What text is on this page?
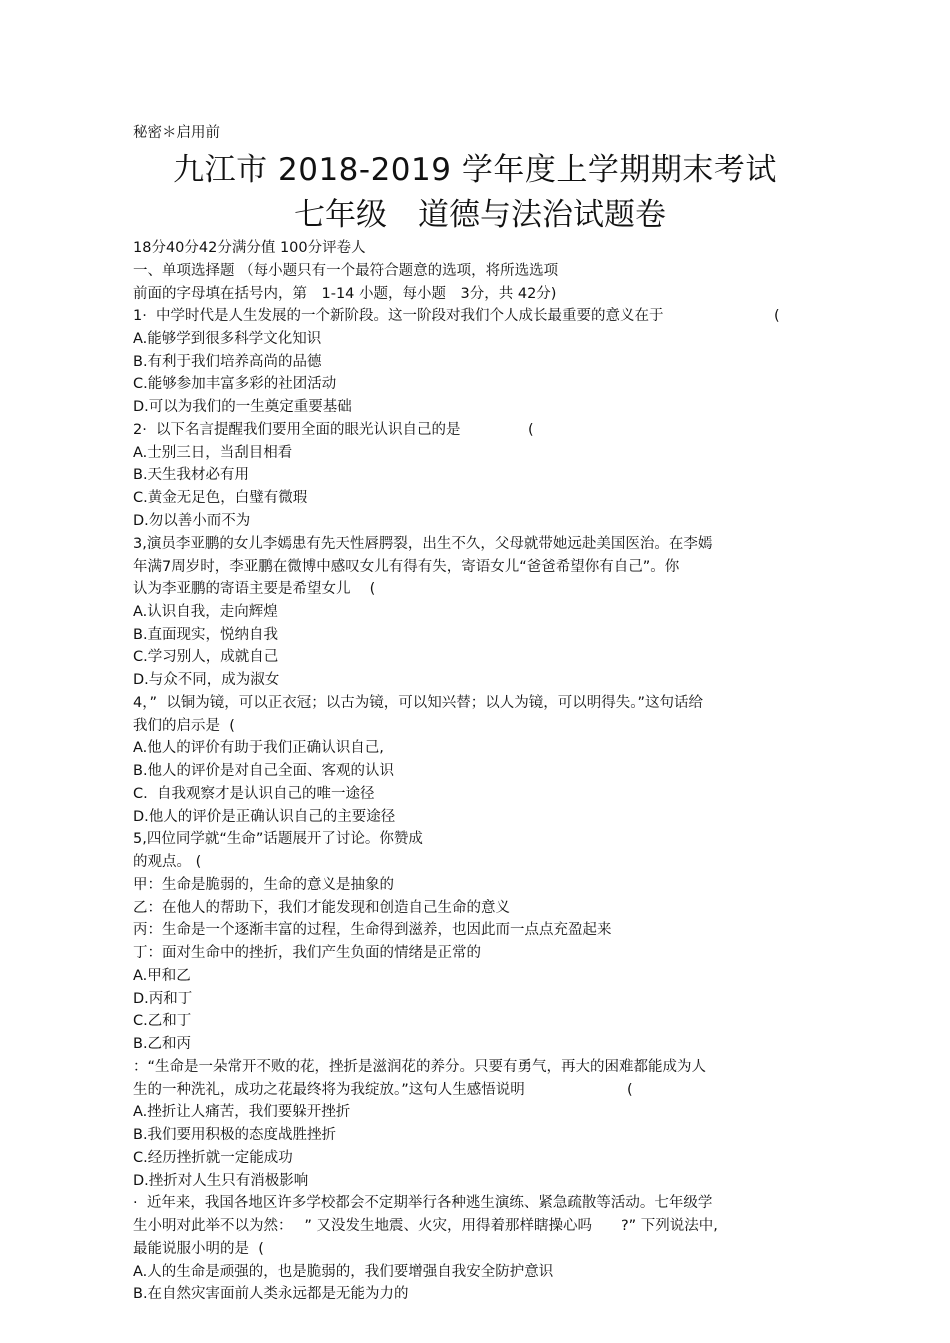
秘密＊启用前
九江市 2018-2019 学年度上学期期末考试
七年级　道德与法治试题卷
18分40分42分满分值 100分评卷人
一、单项选择题 （每小题只有一个最符合题意的选项，将所选选项
前面的字母填在括号内，第　1-14 小题，每小题　3分，共 42分)
1·  中学时代是人生发展的一个新阶段。这一阶段对我们个人成长最重要的意义在于	(
A.能够学到很多科学文化知识
B.有利于我们培养高尚的品德
C.能够参加丰富多彩的社团活动
D.可以为我们的一生奠定重要基础
2·  以下名言提醒我们要用全面的眼光认识自己的是	(
A.士别三日，当刮目相看
B.天生我材必有用
C.黄金无足色，白璧有微瑕
D.勿以善小而不为
3,演员李亚鹏的女儿李嫣患有先天性唇腭裂，出生不久，父母就带她远赴美国医治。在李嫣
年满7周岁时，李亚鹏在微博中感叹女儿有得有失，寄语女儿“爸爸希望你有自己”。你
认为李亚鹏的寄语主要是希望女儿　 (
A.认识自我，走向辉煌
B.直面现实，悦纳自我
C.学习别人，成就自己
D.与众不同，成为淑女
4，”  以铜为镜，可以正衣冠；以古为镜，可以知兴替；以人为镜，可以明得失。”这句话给
我们的启示是  (
A.他人的评价有助于我们正确认识自己,
B.他人的评价是对自己全面、客观的认识
C.  自我观察才是认识自己的唯一途径
D.他人的评价是正确认识自己的主要途径
5,四位同学就“生命”话题展开了讨论。你赞成
的观点。 (
甲：生命是脆弱的，生命的意义是抽象的
乙：在他人的帮助下，我们才能发现和创造自己生命的意义
丙：生命是一个逐渐丰富的过程，生命得到滋养，也因此而一点点充盈起来
丁：面对生命中的挫折，我们产生负面的情绪是正常的
A.甲和乙
D.丙和丁
C.乙和丁
B.乙和丙
：“生命是一朵常开不败的花，挫折是滋润花的养分。只要有勇气，再大的困难都能成为人
生的一种洗礼，成功之花最终将为我绽放。”这句人生感悟说明	(
A.挫折让人痛苦，我们要躲开挫折
B.我们要用积极的态度战胜挫折
C.经历挫折就一定能成功
D.挫折对人生只有消极影响
·  近年来，我国各地区许多学校都会不定期举行各种逃生演练、紧急疏散等活动。七年级学
生小明对此举不以为然：　 ” 又没发生地震、火灾，用得着那样瞎操心吗　　?” 下列说法中,
最能说服小明的是  (
A.人的生命是顽强的，也是脆弱的，我们要增强自我安全防护意识
B.在自然灾害面前人类永远都是无能为力的
